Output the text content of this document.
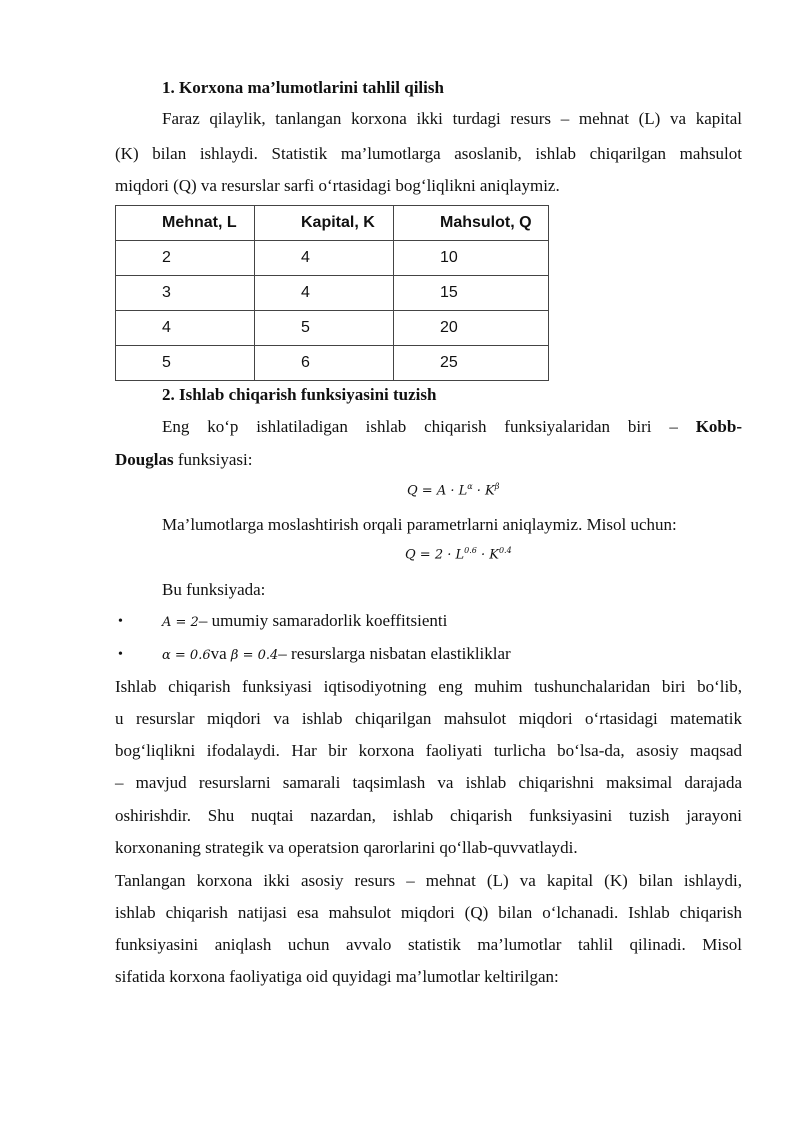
1. Korxona ma’lumotlarini tahlil qilish
Faraz qilaylik, tanlangan korxona ikki turdagi resurs – mehnat (L) va kapital
(K) bilan ishlaydi. Statistik ma’lumotlarga asoslanib, ishlab chiqarilgan mahsulot
miqdori (Q) va resurslar sarfi o‘rtasidagi bog‘liqlikni aniqlaymiz.
Mehnat, L	Kapital, K	Mahsulot, Q
2	4	10
3	4	15
4	5	20
5	6	25
2. Ishlab chiqarish funksiyasini tuzish
Eng ko‘p ishlatiladigan ishlab chiqarish funksiyalaridan biri – Kobb-
Douglas funksiyasi:
$Q = A \cdot L^\alpha \cdot K^\beta$
Ma’lumotlarga moslashtirish orqali parametrlarni aniqlaymiz. Misol uchun:
$Q = 2 \cdot L^{0.6} \cdot K^{0.4}$
Bu funksiyada:
•	A = 2– umumiy samaradorlik koeffitsienti
•	α = 0.6va β = 0.4– resurslarga nisbatan elastikliklar
Ishlab chiqarish funksiyasi iqtisodiyotning eng muhim tushunchalaridan biri bo‘lib,
u resurslar miqdori va ishlab chiqarilgan mahsulot miqdori o‘rtasidagi matematik
bog‘liqlikni ifodalaydi. Har bir korxona faoliyati turlicha bo‘lsa-da, asosiy maqsad
– mavjud resurslarni samarali taqsimlash va ishlab chiqarishni maksimal darajada
oshirishdir. Shu nuqtai nazardan, ishlab chiqarish funksiyasini tuzish jarayoni
korxonaning strategik va operatsion qarorlarini qo‘llab-quvvatlaydi.
Tanlangan korxona ikki asosiy resurs – mehnat (L) va kapital (K) bilan ishlaydi,
ishlab chiqarish natijasi esa mahsulot miqdori (Q) bilan o‘lchanadi. Ishlab chiqarish
funksiyasini aniqlash uchun avvalo statistik ma’lumotlar tahlil qilinadi. Misol
sifatida korxona faoliyatiga oid quyidagi ma’lumotlar keltirilgan:
